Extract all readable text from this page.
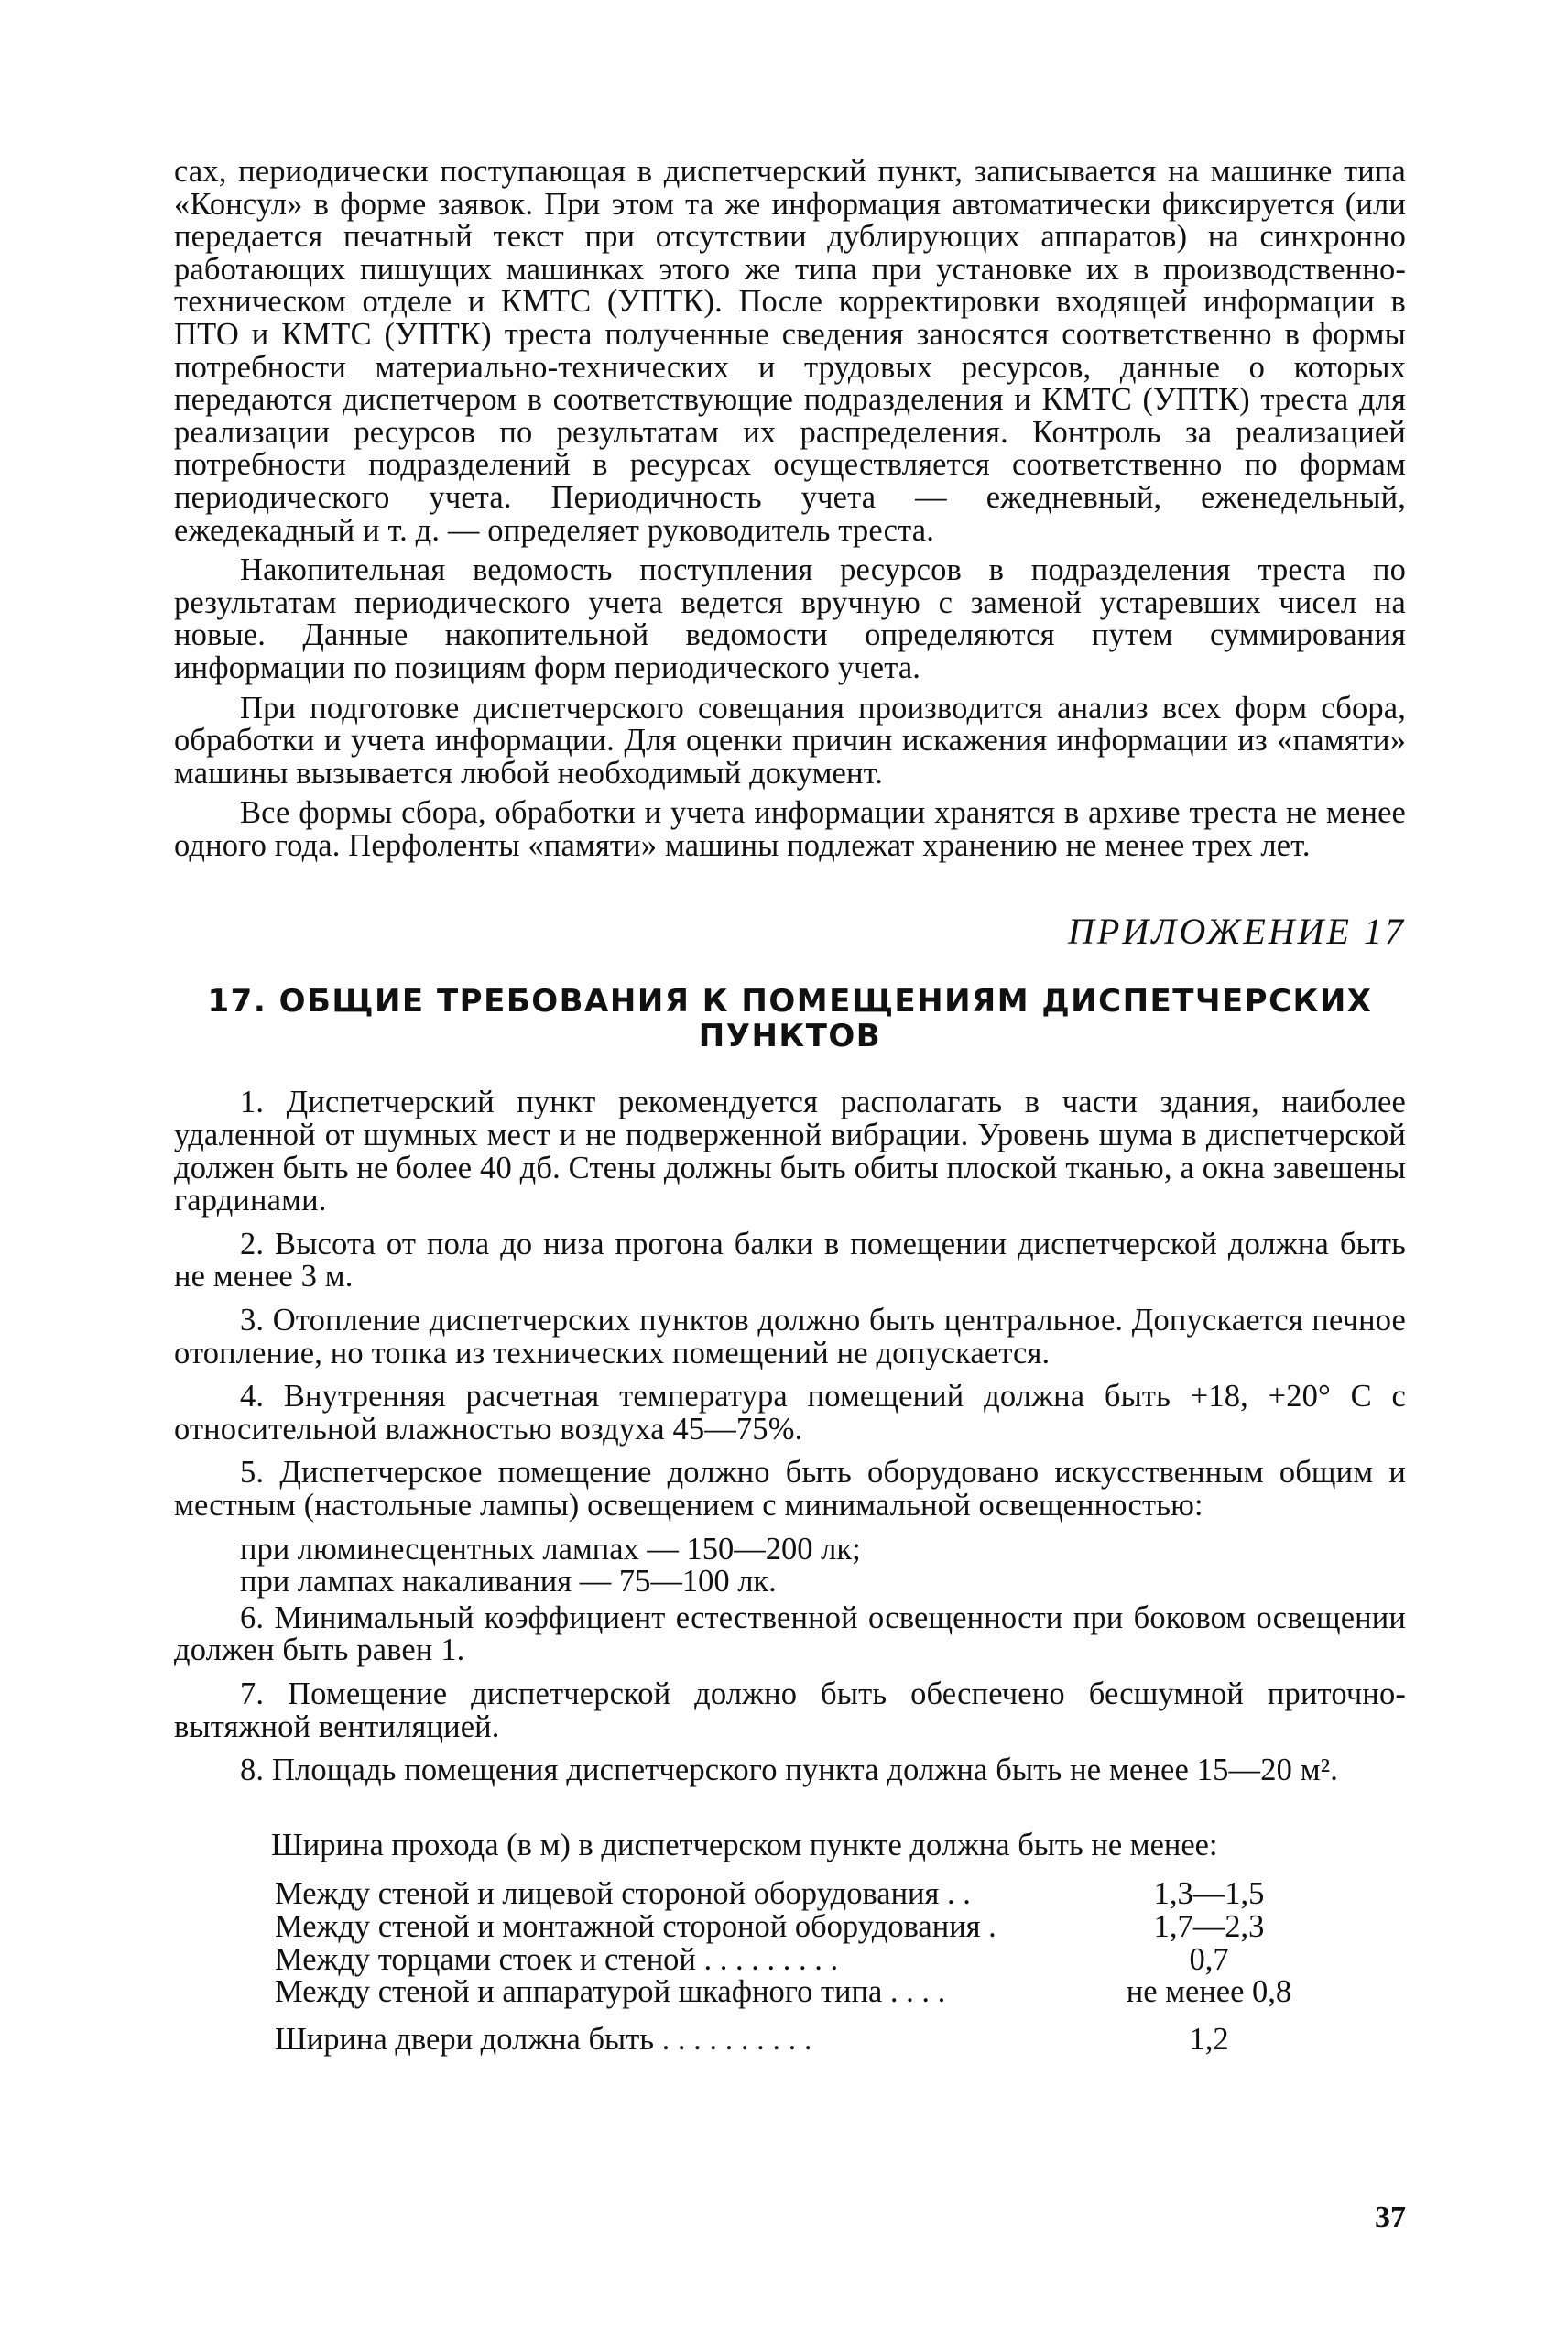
сах, периодически поступающая в диспетчерский пункт, записывается на машинке типа «Консул» в форме заявок. При этом та же информация автоматически фиксируется (или передается печатный текст при отсутствии дублирующих аппаратов) на синхронно работающих пишущих машинках этого же типа при установке их в производственно-техническом отделе и КМТС (УПТК). После корректировки входящей информации в ПТО и КМТС (УПТК) треста полученные сведения заносятся соответственно в формы потребности материально-технических и трудовых ресурсов, данные о которых передаются диспетчером в соответствующие подразделения и КМТС (УПТК) треста для реализации ресурсов по результатам их распределения. Контроль за реализацией потребности подразделений в ресурсах осуществляется соответственно по формам периодического учета. Периодичность учета — ежедневный, еженедельный, ежедекадный и т. д. — определяет руководитель треста.

Накопительная ведомость поступления ресурсов в подразделения треста по результатам периодического учета ведется вручную с заменой устаревших чисел на новые. Данные накопительной ведомости определяются путем суммирования информации по позициям форм периодического учета.

При подготовке диспетчерского совещания производится анализ всех форм сбора, обработки и учета информации. Для оценки причин искажения информации из «памяти» машины вызывается любой необходимый документ.

Все формы сбора, обработки и учета информации хранятся в архиве треста не менее одного года. Перфоленты «памяти» машины подлежат хранению не менее трех лет.

ПРИЛОЖЕНИЕ 17
17. ОБЩИЕ ТРЕБОВАНИЯ К ПОМЕЩЕНИЯМ ДИСПЕТЧЕРСКИХ
ПУНКТОВ

1. Диспетчерский пункт рекомендуется располагать в части здания, наиболее удаленной от шумных мест и не подверженной вибрации. Уровень шума в диспетчерской должен быть не более 40 дб. Стены должны быть обиты плоской тканью, а окна завешены гардинами.

2. Высота от пола до низа прогона балки в помещении диспетчерской должна быть не менее 3 м.

3. Отопление диспетчерских пунктов должно быть центральное. Допускается печное отопление, но топка из технических помещений не допускается.

4. Внутренняя расчетная температура помещений должна быть +18, +20° С с относительной влажностью воздуха 45—75%.

5. Диспетчерское помещение должно быть оборудовано искусственным общим и местным (настольные лампы) освещением с минимальной освещенностью:

при люминесцентных лампах — 150—200 лк;
при лампах накаливания — 75—100 лк.

6. Минимальный коэффициент естественной освещенности при боковом освещении должен быть равен 1.

7. Помещение диспетчерской должно быть обеспечено бесшумной приточно-вытяжной вентиляцией.

8. Площадь помещения диспетчерского пункта должна быть не менее 15—20 м².

Ширина прохода (в м) в диспетчерском пункте должна быть не менее:

Между стеной и лицевой стороной оборудования . .	1,3—1,5
Между стеной и монтажной стороной оборудования .	1,7—2,3
Между торцами стоек и стеной . . . . . . . . .	0,7
Между стеной и аппаратурой шкафного типа . . . .	не менее 0,8
Ширина двери должна быть . . . . . . . . . .	1,2
37
